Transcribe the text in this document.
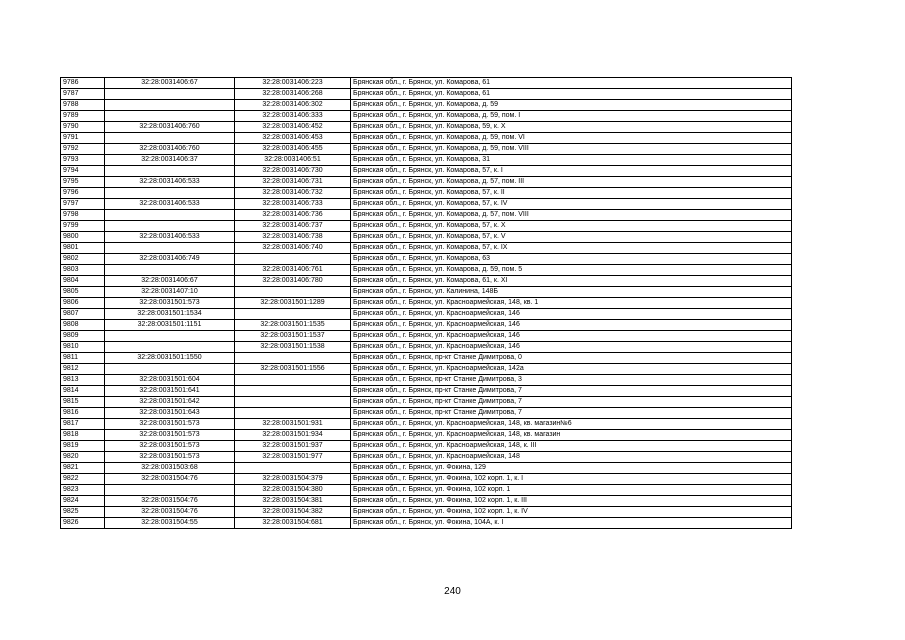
9786	32:28:0031406:67	32:28:0031406:223	Брянская обл., г. Брянск, ул. Комарова, 61
9787		32:28:0031406:268	Брянская обл., г. Брянск, ул. Комарова, 61
9788		32:28:0031406:302	Брянская обл., г. Брянск, ул. Комарова, д. 59
9789		32:28:0031406:333	Брянская обл., г. Брянск, ул. Комарова, д. 59, пом. I
9790	32:28:0031406:760	32:28:0031406:452	Брянская обл., г. Брянск, ул. Комарова, 59, к. X
9791		32:28:0031406:453	Брянская обл., г. Брянск, ул. Комарова, д. 59, пом. VI
9792	32:28:0031406:760	32:28:0031406:455	Брянская обл., г. Брянск, ул. Комарова, д. 59, пом. VIII
9793	32:28:0031406:37	32:28:0031406:51	Брянская обл., г. Брянск, ул. Комарова, 31
9794		32:28:0031406:730	Брянская обл., г. Брянск, ул. Комарова, 57, к. I
9795	32:28:0031406:533	32:28:0031406:731	Брянская обл., г. Брянск, ул. Комарова, д. 57, пом. III
9796		32:28:0031406:732	Брянская обл., г. Брянск, ул. Комарова, 57, к. II
9797	32:28:0031406:533	32:28:0031406:733	Брянская обл., г. Брянск, ул. Комарова, 57, к. IV
9798		32:28:0031406:736	Брянская обл., г. Брянск, ул. Комарова, д. 57, пом. VIII
9799		32:28:0031406:737	Брянская обл., г. Брянск, ул. Комарова, 57, к. X
9800	32:28:0031406:533	32:28:0031406:738	Брянская обл., г. Брянск, ул. Комарова, 57, к. V
9801		32:28:0031406:740	Брянская обл., г. Брянск, ул. Комарова, 57, к. IX
9802	32:28:0031406:749		Брянская обл., г. Брянск, ул. Комарова, 63
9803		32:28:0031406:761	Брянская обл., г. Брянск, ул. Комарова, д. 59, пом. 5
9804	32:28:0031406:67	32:28:0031406:780	Брянская обл., г. Брянск, ул. Комарова, 61, к. XI
9805	32:28:0031407:10		Брянская обл., г. Брянск, ул. Калинина, 148Б
9806	32:28:0031501:573	32:28:0031501:1289	Брянская обл., г. Брянск, ул. Красноармейская, 148, кв. 1
9807	32:28:0031501:1534		Брянская обл., г. Брянск, ул. Красноармейская, 146
9808	32:28:0031501:1151	32:28:0031501:1535	Брянская обл., г. Брянск, ул. Красноармейская, 146
9809		32:28:0031501:1537	Брянская обл., г. Брянск, ул. Красноармейская, 146
9810		32:28:0031501:1538	Брянская обл., г. Брянск, ул. Красноармейская, 146
9811	32:28:0031501:1550		Брянская обл., г. Брянск, пр-кт Станке Димитрова, 0
9812		32:28:0031501:1556	Брянская обл., г. Брянск, ул. Красноармейская, 142а
9813	32:28:0031501:604		Брянская обл., г. Брянск, пр-кт Станке Димитрова, 3
9814	32:28:0031501:641		Брянская обл., г. Брянск, пр-кт Станке Димитрова, 7
9815	32:28:0031501:642		Брянская обл., г. Брянск, пр-кт Станке Димитрова, 7
9816	32:28:0031501:643		Брянская обл., г. Брянск, пр-кт Станке Димитрова, 7
9817	32:28:0031501:573	32:28:0031501:931	Брянская обл., г. Брянск, ул. Красноармейская, 148, кв. магазин№6
9818	32:28:0031501:573	32:28:0031501:934	Брянская обл., г. Брянск, ул. Красноармейская, 148, кв. магазин
9819	32:28:0031501:573	32:28:0031501:937	Брянская обл., г. Брянск, ул. Красноармейская, 148, к. III
9820	32:28:0031501:573	32:28:0031501:977	Брянская обл., г. Брянск, ул. Красноармейская, 148
9821	32:28:0031503:68		Брянская обл., г. Брянск, ул. Фокина, 129
9822	32:28:0031504:76	32:28:0031504:379	Брянская обл., г. Брянск, ул. Фокина, 102 корп. 1, к. I
9823		32:28:0031504:380	Брянская обл., г. Брянск, ул. Фокина, 102 корп. 1
9824	32:28:0031504:76	32:28:0031504:381	Брянская обл., г. Брянск, ул. Фокина, 102 корп. 1, к. III
9825	32:28:0031504:76	32:28:0031504:382	Брянская обл., г. Брянск, ул. Фокина, 102 корп. 1, к. IV
9826	32:28:0031504:55	32:28:0031504:681	Брянская обл., г. Брянск, ул. Фокина, 104А, к. I
240
